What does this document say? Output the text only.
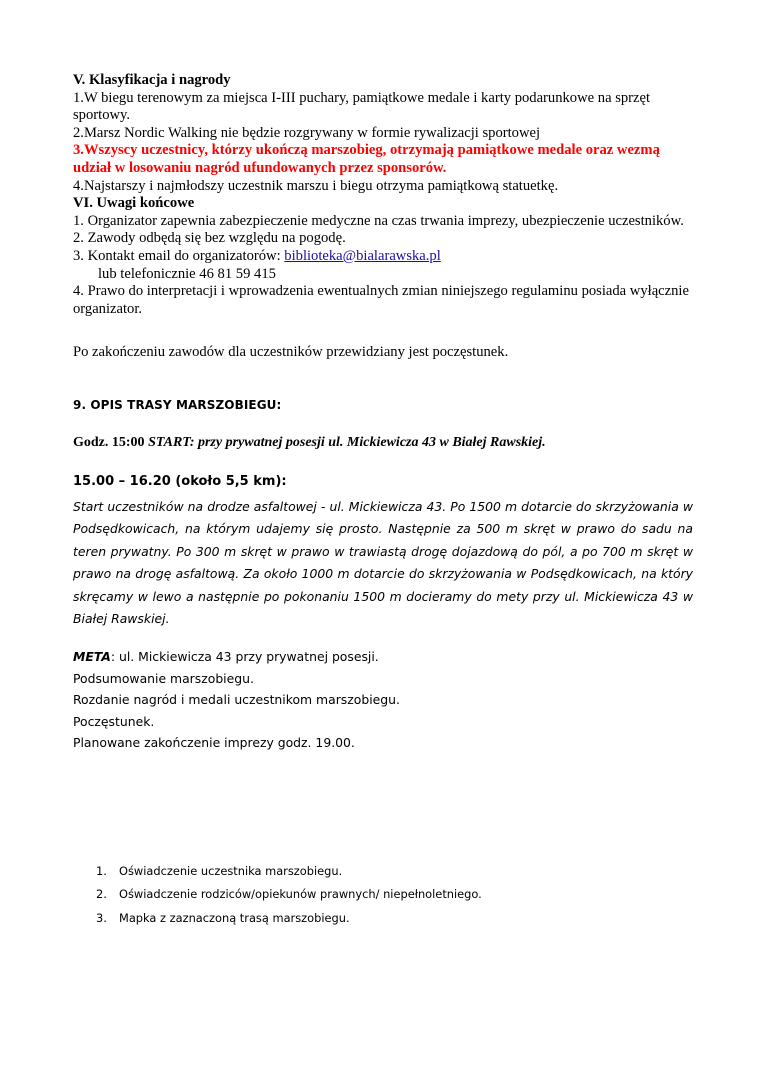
V. Klasyfikacja i nagrody

1.W biegu terenowym za miejsca I-III puchary, pamiątkowe medale i karty podarunkowe na sprzęt sportowy.

2.Marsz Nordic Walking nie będzie rozgrywany w formie rywalizacji sportowej

3.Wszyscy uczestnicy, którzy ukończą marszobieg, otrzymają pamiątkowe medale oraz wezmą udział w losowaniu nagród ufundowanych przez sponsorów.

4.Najstarszy i najmłodszy uczestnik marszu i biegu otrzyma pamiątkową statuetkę.

VI. Uwagi końcowe

1. Organizator zapewnia zabezpieczenie medyczne na czas trwania imprezy, ubezpieczenie uczestników.

2. Zawody odbędą się bez względu na pogodę.

3. Kontakt email do organizatorów: biblioteka@bialarawska.pl

lub telefonicznie 46 81 59 415

4. Prawo do interpretacji i wprowadzenia ewentualnych zmian niniejszego regulaminu posiada wyłącznie organizator.

Po zakończeniu zawodów dla uczestników przewidziany jest poczęstunek.
9. OPIS TRASY MARSZOBIEGU:
Godz. 15:00 START: przy prywatnej posesji ul. Mickiewicza 43 w Białej Rawskiej.
15.00 – 16.20 (około 5,5 km):
Start uczestników na drodze asfaltowej - ul. Mickiewicza 43. Po 1500 m dotarcie do skrzyżowania w Podsędkowicach, na którym udajemy się prosto. Następnie za 500 m skręt w prawo do sadu na teren prywatny. Po 300 m skręt w prawo w trawiastą drogę dojazdową do pól, a po 700 m skręt w prawo na drogę asfaltową. Za około 1000 m dotarcie do skrzyżowania w Podsędkowicach, na który skręcamy w lewo a następnie po pokonaniu 1500 m docieramy do mety przy ul. Mickiewicza 43 w Białej Rawskiej.

META: ul. Mickiewicza 43 przy prywatnej posesji.

Podsumowanie marszobiegu.

Rozdanie nagród i medali uczestnikom marszobiegu.

Poczęstunek.

Planowane zakończenie imprezy godz. 19.00.

1.	Oświadczenie uczestnika marszobiegu.
2.	Oświadczenie rodziców/opiekunów prawnych/ niepełnoletniego.
3.	Mapka z zaznaczoną trasą marszobiegu.
